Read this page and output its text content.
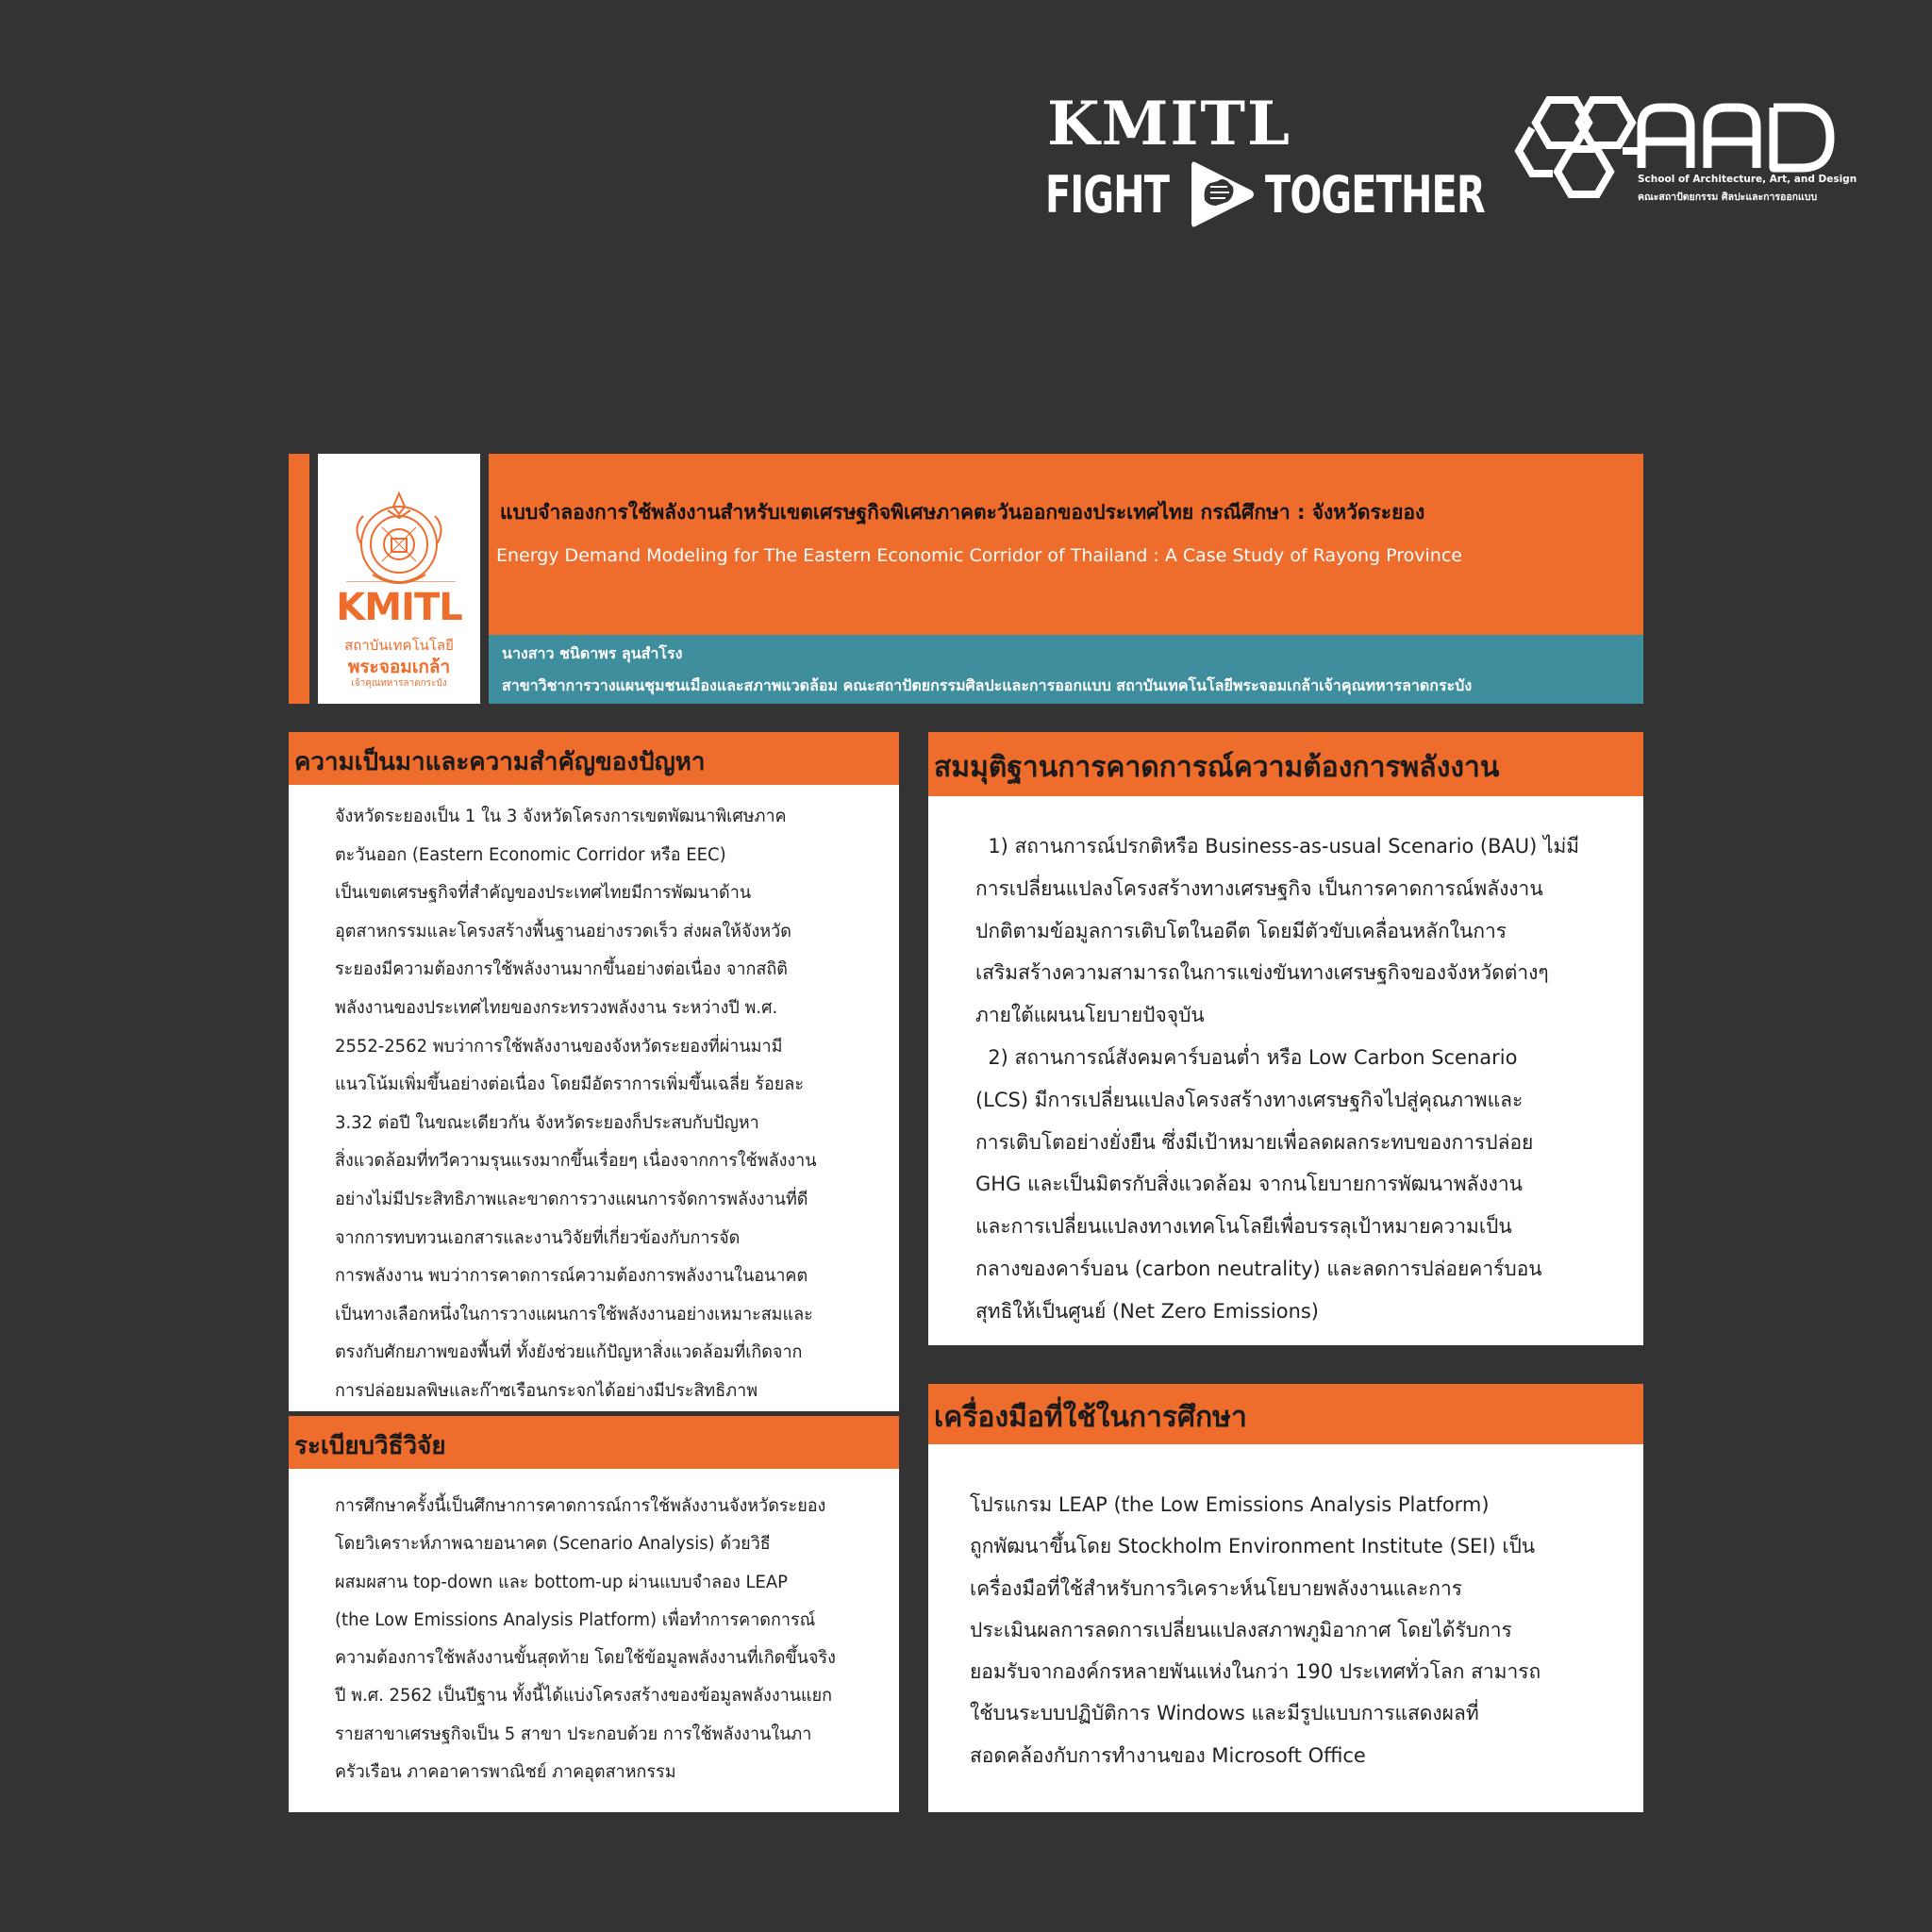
KMITL
FIGHT TOGETHER
AAD
School of Architecture, Art, and Design
คณะสถาปัตยกรรม ศิลปะและการออกแบบ
KMITL
สถาบันเทคโนโลยี
พระจอมเกล้า
เจ้าคุณทหารลาดกระบัง
แบบจำลองการใช้พลังงานสำหรับเขตเศรษฐกิจพิเศษภาคตะวันออกของประเทศไทย กรณีศึกษา : จังหวัดระยอง
Energy Demand Modeling for The Eastern Economic Corridor of Thailand : A Case Study of Rayong Province
นางสาว ชนิดาพร ลุนสำโรง
สาขาวิชาการวางแผนชุมชนเมืองและสภาพแวดล้อม คณะสถาปัตยกรรมศิลปะและการออกแบบ สถาบันเทคโนโลยีพระจอมเกล้าเจ้าคุณทหารลาดกระบัง
ความเป็นมาและความสำคัญของปัญหา
จังหวัดระยองเป็น 1 ใน 3 จังหวัดโครงการเขตพัฒนาพิเศษภาค
ตะวันออก (Eastern Economic Corridor หรือ EEC)
เป็นเขตเศรษฐกิจที่สำคัญของประเทศไทยมีการพัฒนาด้าน
อุตสาหกรรมและโครงสร้างพื้นฐานอย่างรวดเร็ว ส่งผลให้จังหวัด
ระยองมีความต้องการใช้พลังงานมากขึ้นอย่างต่อเนื่อง จากสถิติ
พลังงานของประเทศไทยของกระทรวงพลังงาน ระหว่างปี พ.ศ.
2552-2562 พบว่าการใช้พลังงานของจังหวัดระยองที่ผ่านมามี
แนวโน้มเพิ่มขึ้นอย่างต่อเนื่อง โดยมีอัตราการเพิ่มขึ้นเฉลี่ย ร้อยละ
3.32 ต่อปี ในขณะเดียวกัน จังหวัดระยองก็ประสบกับปัญหา
สิ่งแวดล้อมที่ทวีความรุนแรงมากขึ้นเรื่อยๆ เนื่องจากการใช้พลังงาน
อย่างไม่มีประสิทธิภาพและขาดการวางแผนการจัดการพลังงานที่ดี
จากการทบทวนเอกสารและงานวิจัยที่เกี่ยวข้องกับการจัด
การพลังงาน พบว่าการคาดการณ์ความต้องการพลังงานในอนาคต
เป็นทางเลือกหนึ่งในการวางแผนการใช้พลังงานอย่างเหมาะสมและ
ตรงกับศักยภาพของพื้นที่ ทั้งยังช่วยแก้ปัญหาสิ่งแวดล้อมที่เกิดจาก
การปล่อยมลพิษและก๊าซเรือนกระจกได้อย่างมีประสิทธิภาพ
ระเบียบวิธีวิจัย
การศึกษาครั้งนี้เป็นศึกษาการคาดการณ์การใช้พลังงานจังหวัดระยอง
โดยวิเคราะห์ภาพฉายอนาคต (Scenario Analysis) ด้วยวิธี
ผสมผสาน top-down และ bottom-up ผ่านแบบจำลอง LEAP
(the Low Emissions Analysis Platform) เพื่อทำการคาดการณ์
ความต้องการใช้พลังงานขั้นสุดท้าย โดยใช้ข้อมูลพลังงานที่เกิดขึ้นจริง
ปี พ.ศ. 2562 เป็นปีฐาน ทั้งนี้ได้แบ่งโครงสร้างของข้อมูลพลังงานแยก
รายสาขาเศรษฐกิจเป็น 5 สาขา ประกอบด้วย การใช้พลังงานในภา
ครัวเรือน ภาคอาคารพาณิชย์ ภาคอุตสาหกรรม
สมมุติฐานการคาดการณ์ความต้องการพลังงาน
1) สถานการณ์ปรกติหรือ Business-as-usual Scenario (BAU) ไม่มี
การเปลี่ยนแปลงโครงสร้างทางเศรษฐกิจ เป็นการคาดการณ์พลังงาน
ปกติตามข้อมูลการเติบโตในอดีต โดยมีตัวขับเคลื่อนหลักในการ
เสริมสร้างความสามารถในการแข่งขันทางเศรษฐกิจของจังหวัดต่างๆ
ภายใต้แผนนโยบายปัจจุบัน
2) สถานการณ์สังคมคาร์บอนต่ำ หรือ Low Carbon Scenario
(LCS) มีการเปลี่ยนแปลงโครงสร้างทางเศรษฐกิจไปสู่คุณภาพและ
การเติบโตอย่างยั่งยืน ซึ่งมีเป้าหมายเพื่อลดผลกระทบของการปล่อย
GHG และเป็นมิตรกับสิ่งแวดล้อม จากนโยบายการพัฒนาพลังงาน
และการเปลี่ยนแปลงทางเทคโนโลยีเพื่อบรรลุเป้าหมายความเป็น
กลางของคาร์บอน (carbon neutrality) และลดการปล่อยคาร์บอน
สุทธิให้เป็นศูนย์ (Net Zero Emissions)
เครื่องมือที่ใช้ในการศึกษา
โปรแกรม LEAP (the Low Emissions Analysis Platform)
ถูกพัฒนาขึ้นโดย Stockholm Environment Institute (SEI) เป็น
เครื่องมือที่ใช้สำหรับการวิเคราะห์นโยบายพลังงานและการ
ประเมินผลการลดการเปลี่ยนแปลงสภาพภูมิอากาศ โดยได้รับการ
ยอมรับจากองค์กรหลายพันแห่งในกว่า 190 ประเทศทั่วโลก สามารถ
ใช้บนระบบปฏิบัติการ Windows และมีรูปแบบการแสดงผลที่
สอดคล้องกับการทำงานของ Microsoft Office
